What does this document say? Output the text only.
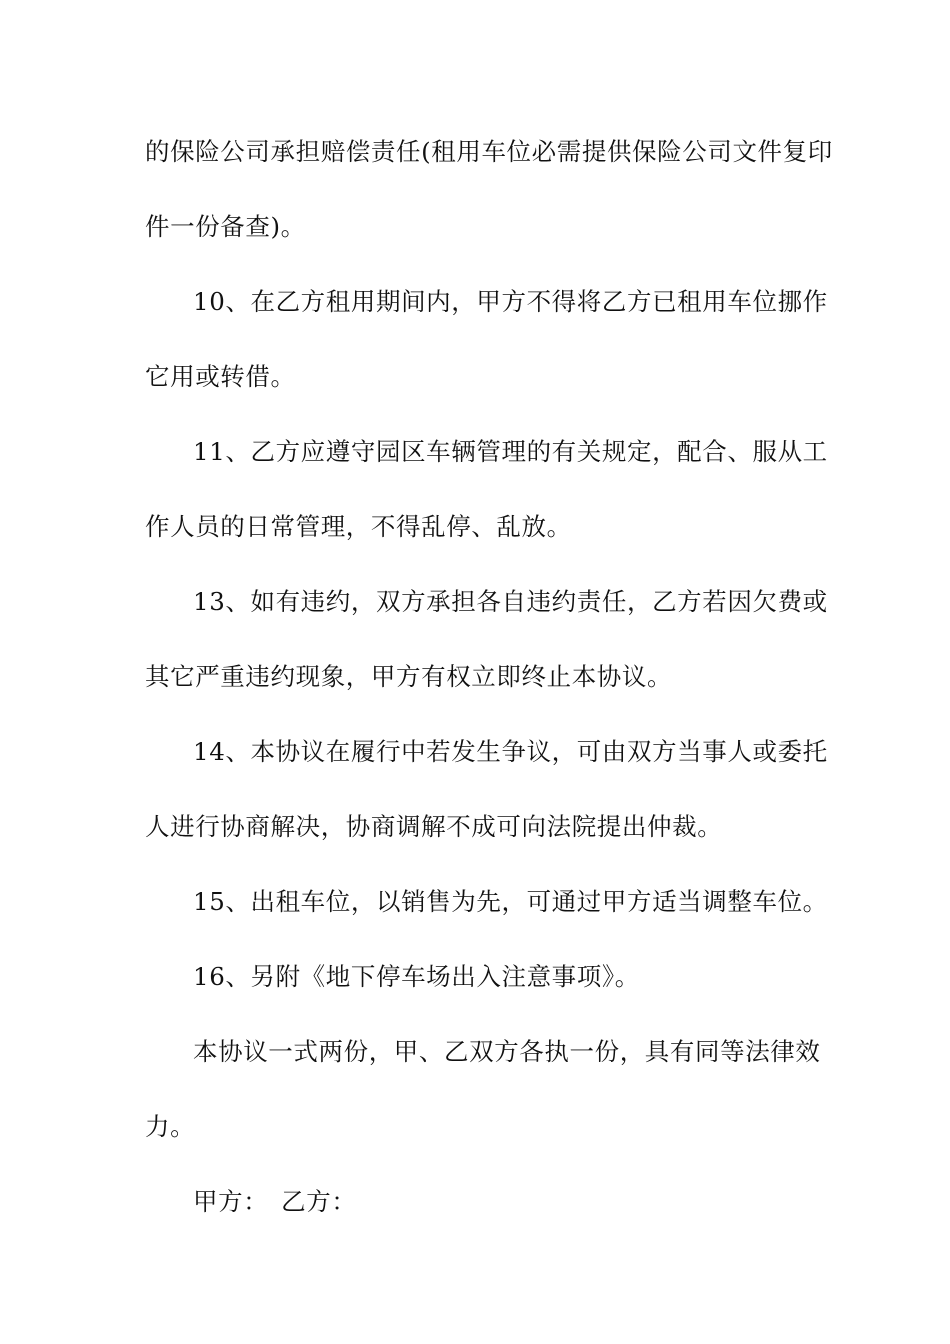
的保险公司承担赔偿责任(租用车位必需提供保险公司文件复印
件一份备查)。
10、在乙方租用期间内，甲方不得将乙方已租用车位挪作
它用或转借。
11、乙方应遵守园区车辆管理的有关规定，配合、服从工
作人员的日常管理，不得乱停、乱放。
13、如有违约，双方承担各自违约责任，乙方若因欠费或
其它严重违约现象，甲方有权立即终止本协议。
14、本协议在履行中若发生争议，可由双方当事人或委托
人进行协商解决，协商调解不成可向法院提出仲裁。
15、出租车位，以销售为先，可通过甲方适当调整车位。
16、另附《地下停车场出入注意事项》。
本协议一式两份，甲、乙双方各执一份，具有同等法律效
力。
甲方：　乙方：
